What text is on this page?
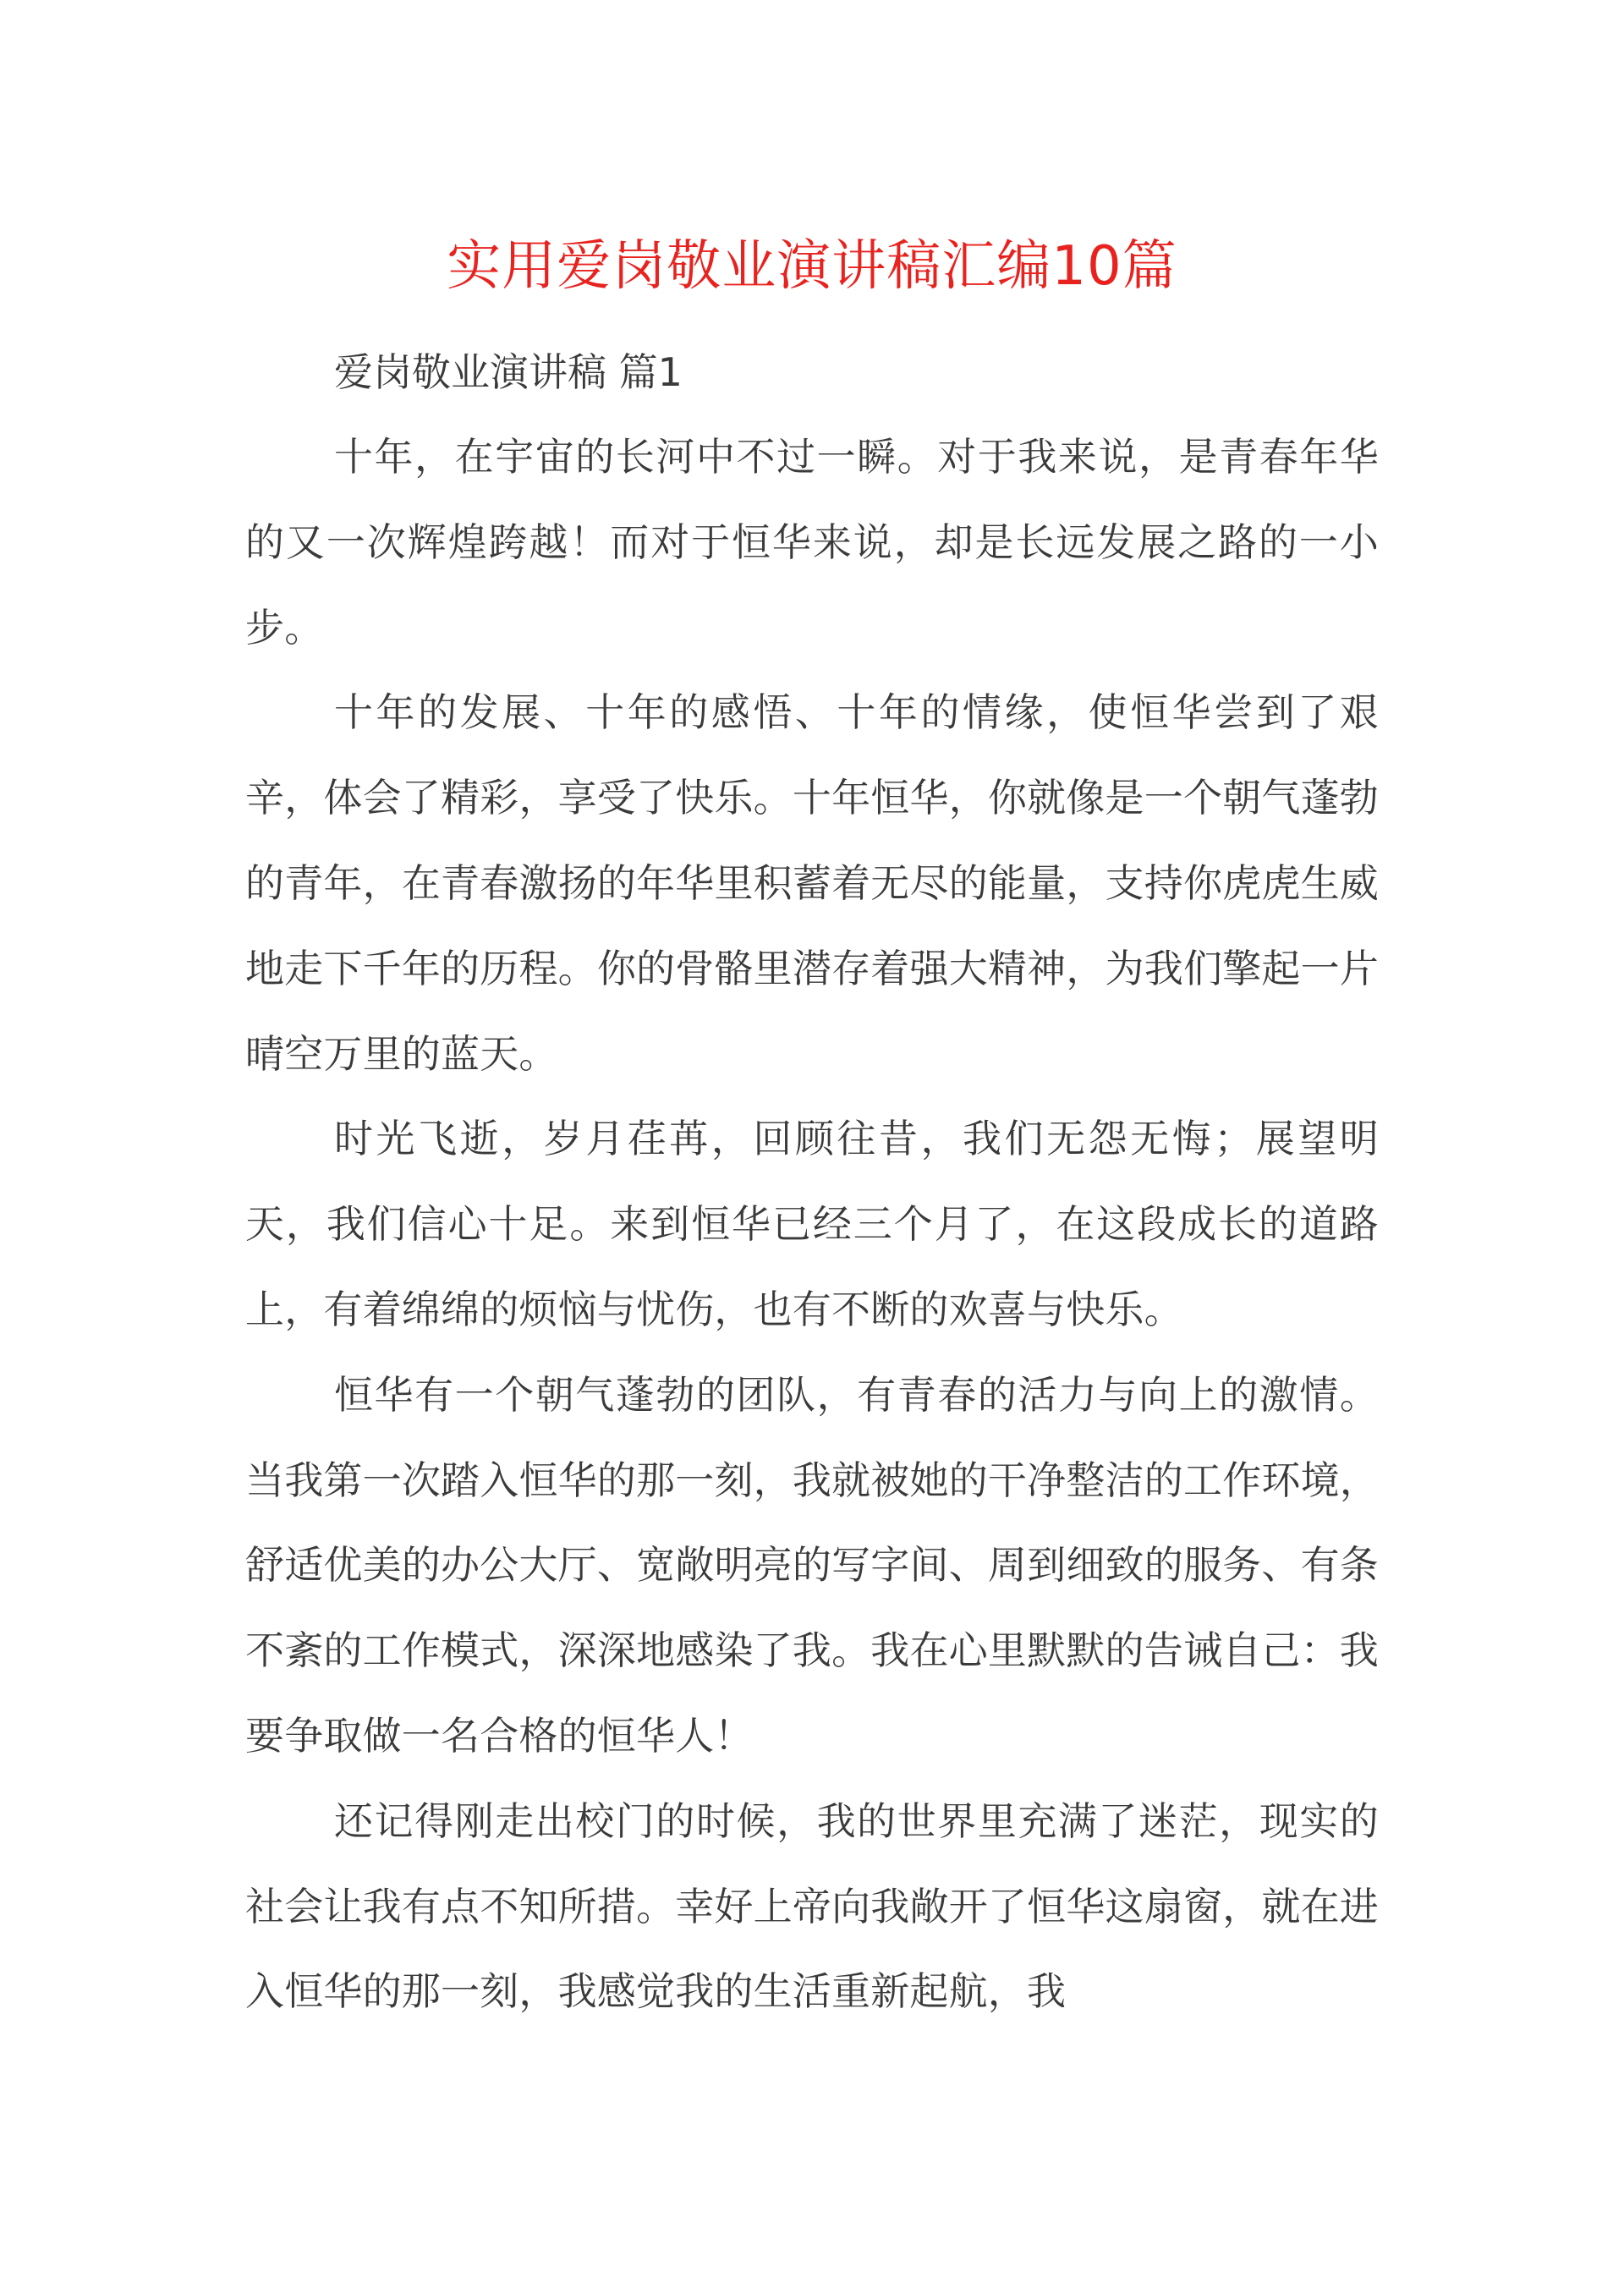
实用爱岗敬业演讲稿汇编10篇

爱岗敬业演讲稿 篇1

十年，在宇宙的长河中不过一瞬。对于我来说，是青春年华的又一次辉煌跨越！而对于恒华来说，却是长远发展之路的一小步。

十年的发展、十年的感悟、十年的情缘，使恒华尝到了艰辛，体会了精彩，享受了快乐。十年恒华，你就像是一个朝气蓬勃的青年，在青春激扬的年华里积蓄着无尽的能量，支持你虎虎生威地走下千年的历程。你的骨骼里潜存着强大精神，为我们擎起一片晴空万里的蓝天。

时光飞逝，岁月荏苒，回顾往昔，我们无怨无悔；展望明天，我们信心十足。来到恒华已经三个月了，在这段成长的道路上，有着绵绵的烦恼与忧伤，也有不断的欢喜与快乐。

恒华有一个朝气蓬勃的团队，有青春的活力与向上的激情。当我第一次踏入恒华的那一刻，我就被她的干净整洁的工作环境，舒适优美的办公大厅、宽敞明亮的写字间、周到细致的服务、有条不紊的工作模式，深深地感染了我。我在心里默默的告诫自己：我要争取做一名合格的恒华人！

还记得刚走出校门的时候，我的世界里充满了迷茫，现实的社会让我有点不知所措。幸好上帝向我敞开了恒华这扇窗，就在进入恒华的那一刻，我感觉我的生活重新起航，我
